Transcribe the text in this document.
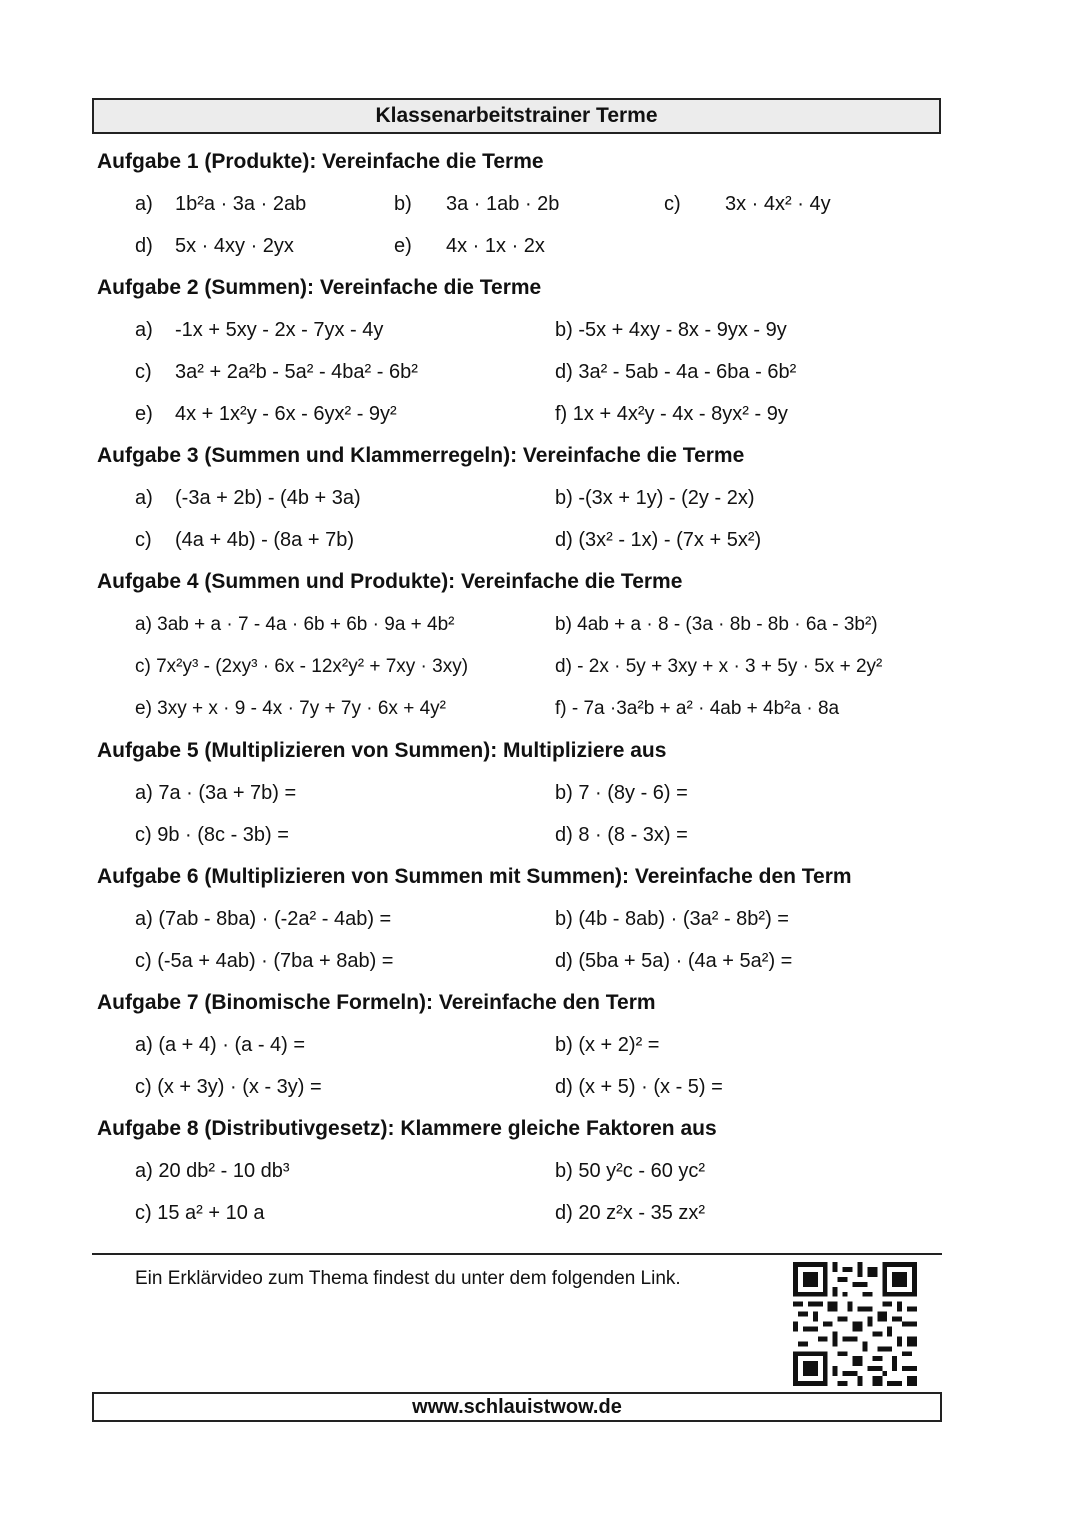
Klassenarbeitstrainer Terme
Aufgabe 1 (Produkte): Vereinfache die Terme
a) 1b²a · 3a · 2ab	b) 3a · 1ab · 2b	c) 3x · 4x² · 4y
d) 5x · 4xy · 2yx	e) 4x · 1x · 2x
Aufgabe 2 (Summen): Vereinfache die Terme
a) -1x + 5xy - 2x - 7yx - 4y	b) -5x + 4xy - 8x - 9yx - 9y
c) 3a² + 2a²b - 5a² - 4ba² - 6b²	d) 3a² - 5ab - 4a - 6ba - 6b²
e) 4x + 1x²y - 6x - 6yx² - 9y²	f) 1x + 4x²y - 4x - 8yx² - 9y
Aufgabe 3 (Summen und Klammerregeln): Vereinfache die Terme
a) (-3a + 2b) - (4b + 3a)	b) -(3x + 1y) - (2y - 2x)
c) (4a + 4b) - (8a + 7b)	d) (3x² - 1x) - (7x + 5x²)
Aufgabe 4 (Summen und Produkte): Vereinfache die Terme
a) 3ab + a · 7 - 4a · 6b + 6b · 9a + 4b²	b) 4ab + a · 8 - (3a · 8b - 8b · 6a - 3b²)
c) 7x²y³ - (2xy³ · 6x - 12x²y² + 7xy · 3xy)	d) - 2x · 5y + 3xy + x · 3 + 5y · 5x + 2y²
e) 3xy + x · 9 - 4x · 7y + 7y · 6x + 4y²	f) - 7a ·3a²b + a² · 4ab + 4b²a · 8a
Aufgabe 5 (Multiplizieren von Summen): Multipliziere aus
a) 7a · (3a + 7b) =	b) 7 · (8y - 6) =
c) 9b · (8c - 3b) =	d) 8 · (8 - 3x) =
Aufgabe 6 (Multiplizieren von Summen mit Summen): Vereinfache den Term
a) (7ab - 8ba) · (-2a² - 4ab) =	b) (4b - 8ab) · (3a² - 8b²) =
c) (-5a + 4ab) · (7ba + 8ab) =	d) (5ba + 5a) · (4a + 5a²) =
Aufgabe 7 (Binomische Formeln): Vereinfache den Term
a) (a + 4) · (a - 4) =	b) (x + 2)² =
c) (x + 3y) · (x - 3y) =	d) (x + 5) · (x - 5) =
Aufgabe 8 (Distributivgesetz): Klammere gleiche Faktoren aus
a) 20 db² - 10 db³	b) 50 y²c - 60 yc²
c) 15 a² + 10 a	d) 20 z²x - 35 zx²
Ein Erklärvideo zum Thema findest du unter dem folgenden Link.
www.schlauistwow.de
